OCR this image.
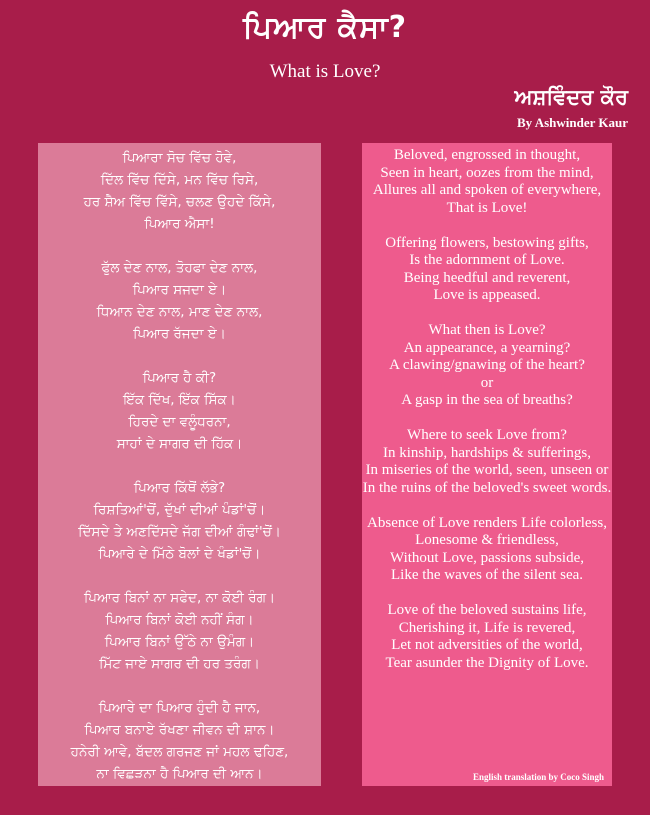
ਪਿਆਰ ਕੈਸਾ?
What is Love?
ਅਸ਼ਵਿੰਦਰ ਕੌਰ
By Ashwinder Kaur
ਪਿਆਰਾ ਸੋਚ ਵਿੱਚ ਹੋਵੇ,
ਦਿੱਲ ਵਿੱਚ ਦਿੱਸੇ, ਮਨ ਵਿੱਚ ਰਿਸੇ,
ਹਰ ਸ਼ੈਅ ਵਿੱਚ ਵਿੱਸੇ, ਚਲਣ ਉਹਦੇ ਕਿੱਸੇ,
ਪਿਆਰ ਐਸਾ!
ਫੁੱਲ ਦੇਣ ਨਾਲ, ਤੋਹਫਾ ਦੇਣ ਨਾਲ,
ਪਿਆਰ ਸਜਦਾ ਏ।
ਧਿਆਨ ਦੇਣ ਨਾਲ, ਮਾਣ ਦੇਣ ਨਾਲ,
ਪਿਆਰ ਰੱਜਦਾ ਏ।
ਪਿਆਰ ਹੈ ਕੀ?
ਇੱਕ ਦਿੱਖ, ਇੱਕ ਸਿੱਕ।
ਹਿਰਦੇ ਦਾ ਵਲੂੰਧਰਨਾ,
ਸਾਹਾਂ ਦੇ ਸਾਗਰ ਦੀ ਹਿੱਕ।
ਪਿਆਰ ਕਿੱਥੋਂ ਲੱਭੇ?
ਰਿਸ਼ਤਿਆਂ'ਚੋਂ, ਦੁੱਖਾਂ ਦੀਆਂ ਪੰਡਾਂ'ਚੋਂ।
ਦਿੱਸਦੇ ਤੇ ਅਣਦਿੱਸਦੇ ਜੱਗ ਦੀਆਂ ਗੰਢਾਂ'ਚੋਂ।
ਪਿਆਰੇ ਦੇ ਮਿੱਠੇ ਬੋਲਾਂ ਦੇ ਖੰਡਾਂ'ਚੋਂ।
ਪਿਆਰ ਬਿਨਾਂ ਨਾ ਸਫੇਦ, ਨਾ ਕੋਈ ਰੰਗ।
ਪਿਆਰ ਬਿਨਾਂ ਕੋਈ ਨਹੀਂ ਸੰਗ।
ਪਿਆਰ ਬਿਨਾਂ ਉੱਠੇ ਨਾ ਉਮੰਗ।
ਮਿੱਟ ਜਾਏ ਸਾਗਰ ਦੀ ਹਰ ਤਰੰਗ।
ਪਿਆਰੇ ਦਾ ਪਿਆਰ ਹੁੰਦੀ ਹੈ ਜਾਨ,
ਪਿਆਰ ਬਨਾਏ ਰੱਖਣਾ ਜੀਵਨ ਦੀ ਸ਼ਾਨ।
ਹਨੇਰੀ ਆਵੇ, ਬੱਦਲ ਗਰਜਣ ਜਾਂ ਮਹਲ ਢਹਿਣ,
ਨਾ ਵਿਛੜਨਾ ਹੈ ਪਿਆਰ ਦੀ ਆਨ।
Beloved, engrossed in thought,
Seen in heart, oozes from the mind,
Allures all and spoken of everywhere,
That is Love!
Offering flowers, bestowing gifts,
Is the adornment of Love.
Being heedful and reverent,
Love is appeased.
What then is Love?
An appearance, a yearning?
A clawing/gnawing of the heart?
or
A gasp in the sea of breaths?
Where to seek Love from?
In kinship, hardships & sufferings,
In miseries of the world, seen, unseen or
In the ruins of the beloved's sweet words.
Absence of Love renders Life colorless,
Lonesome & friendless,
Without Love, passions subside,
Like the waves of the silent sea.
Love of the beloved sustains life,
Cherishing it, Life is revered,
Let not adversities of the world,
Tear asunder the Dignity of Love.
English translation by Coco Singh
